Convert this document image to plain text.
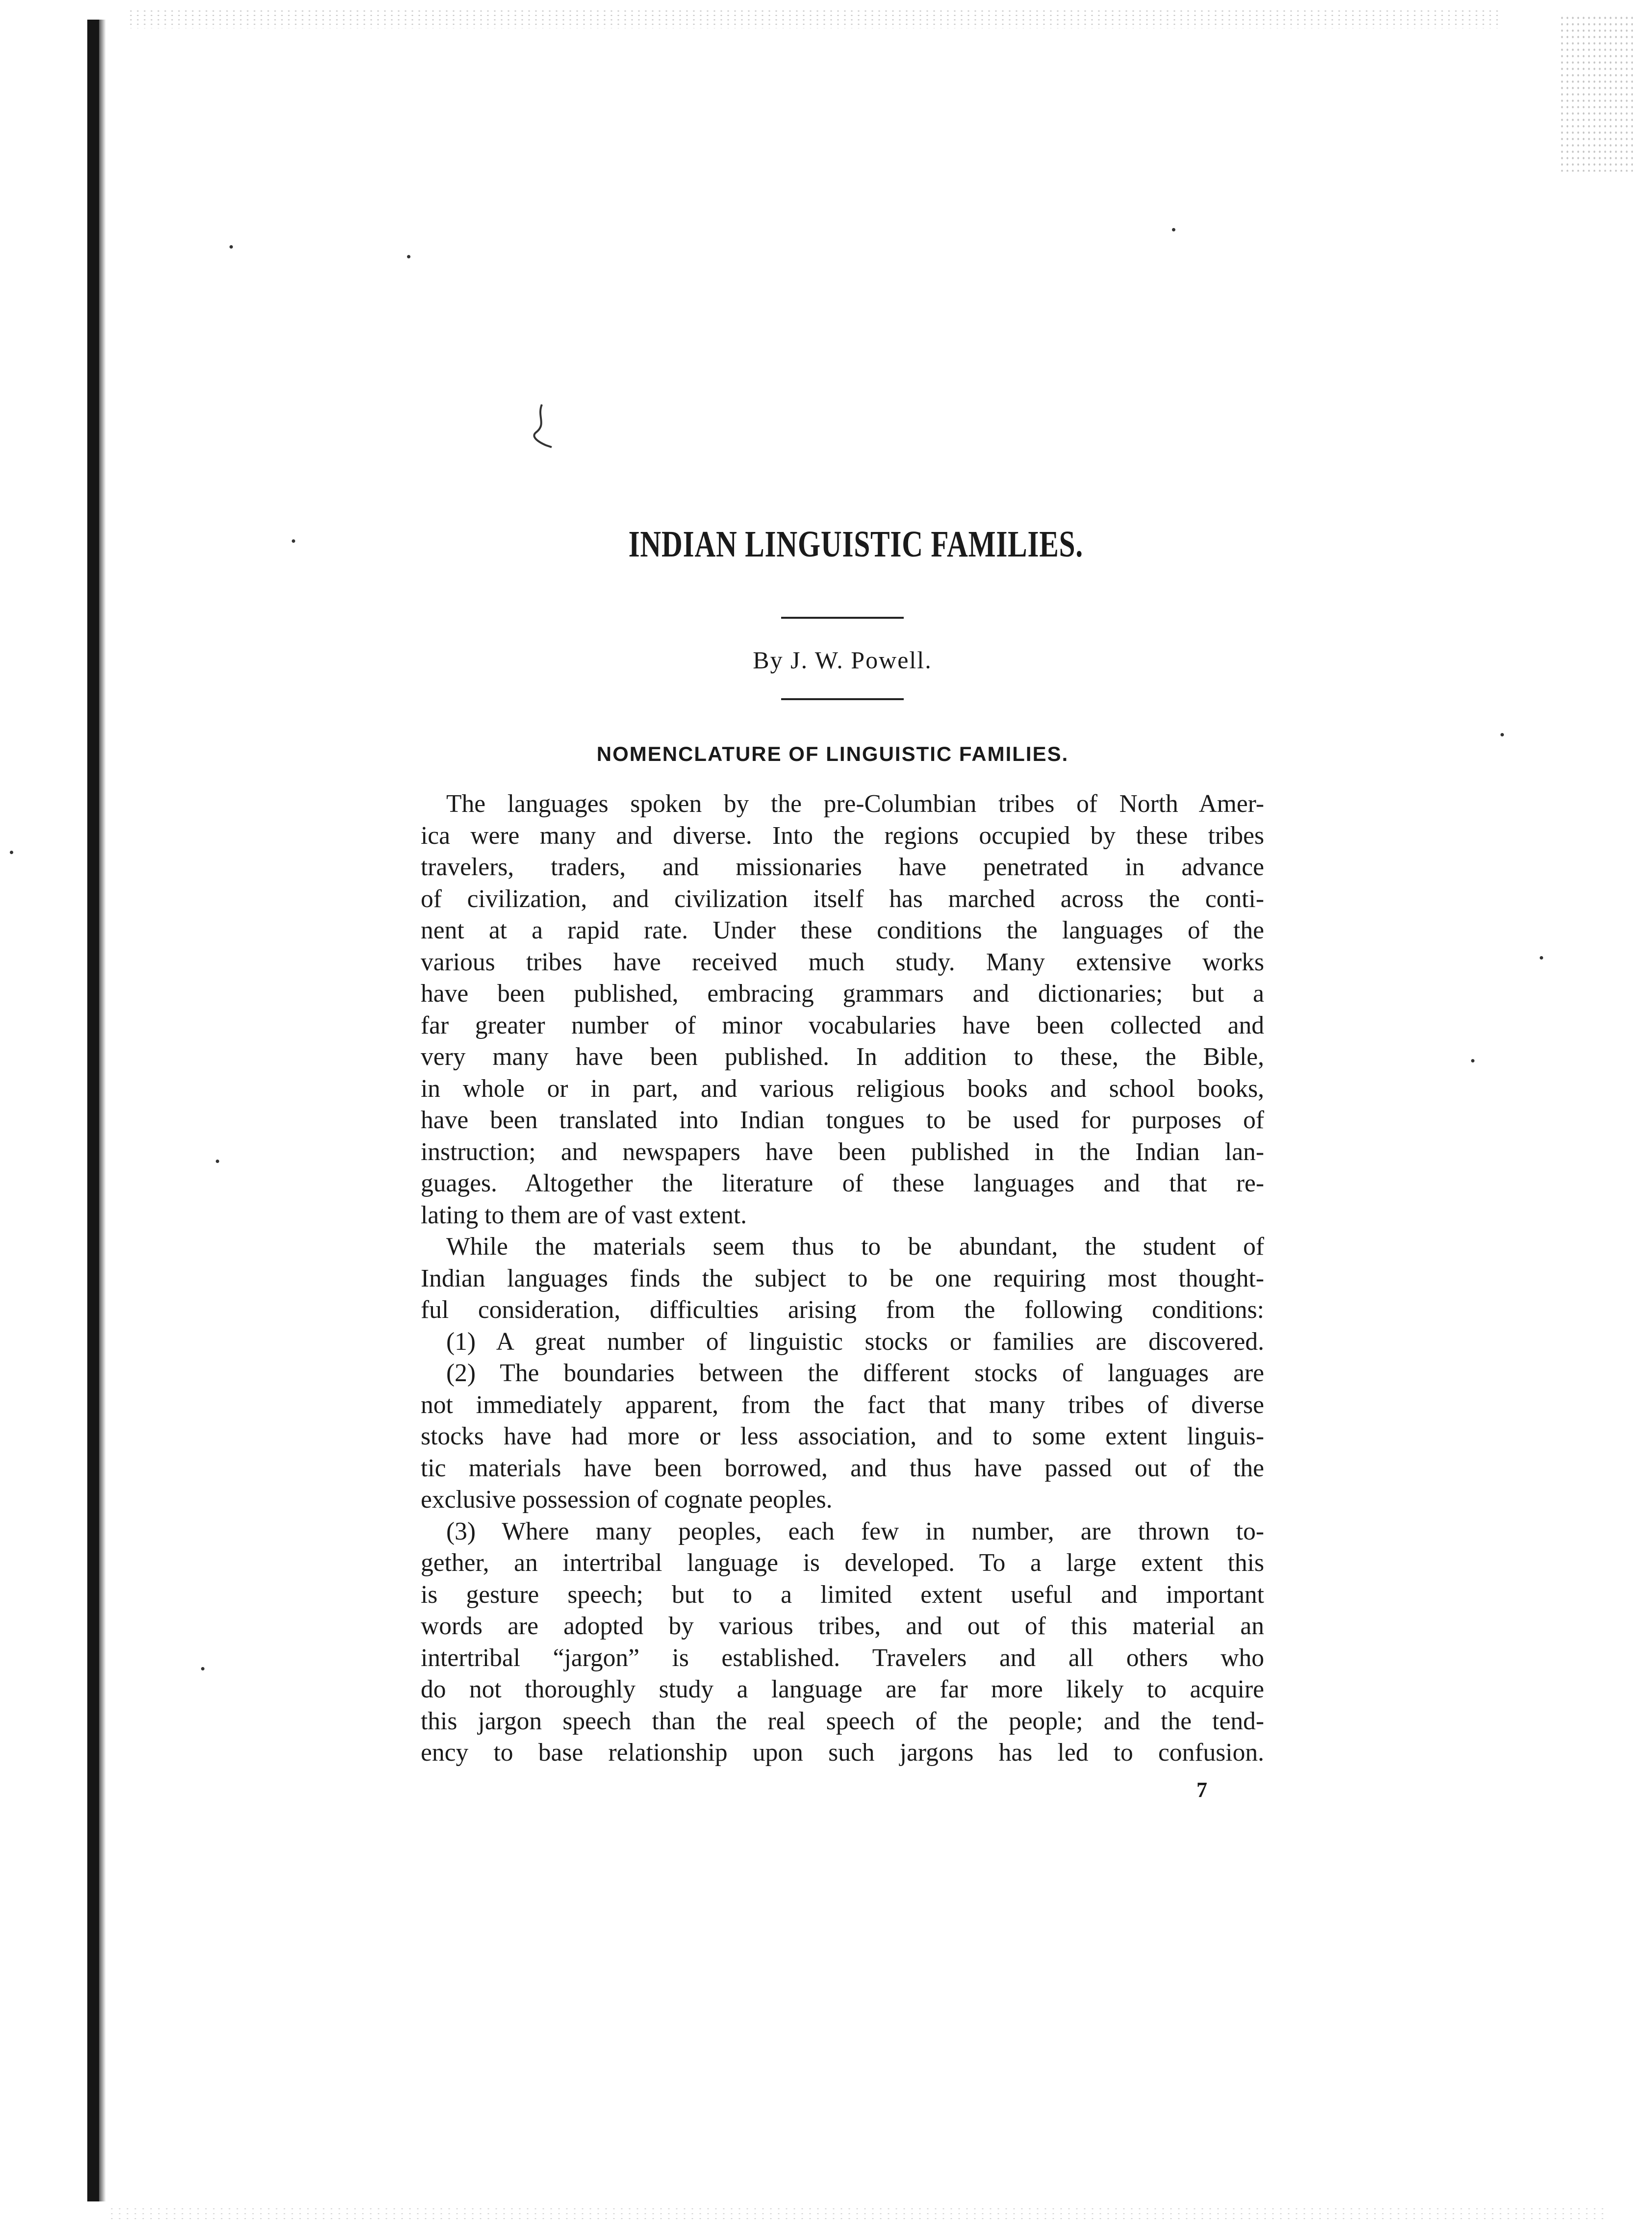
INDIAN LINGUISTIC FAMILIES.
By J. W. Powell.
NOMENCLATURE OF LINGUISTIC FAMILIES.
The languages spoken by the pre-Columbian tribes of North Amer-
ica were many and diverse. Into the regions occupied by these tribes
travelers, traders, and missionaries have penetrated in advance
of civilization, and civilization itself has marched across the conti-
nent at a rapid rate. Under these conditions the languages of the
various tribes have received much study. Many extensive works
have been published, embracing grammars and dictionaries; but a
far greater number of minor vocabularies have been collected and
very many have been published. In addition to these, the Bible,
in whole or in part, and various religious books and school books,
have been translated into Indian tongues to be used for purposes of
instruction; and newspapers have been published in the Indian lan-
guages. Altogether the literature of these languages and that re-
lating to them are of vast extent.
While the materials seem thus to be abundant, the student of
Indian languages finds the subject to be one requiring most thought-
ful consideration, difficulties arising from the following conditions:
(1) A great number of linguistic stocks or families are discovered.
(2) The boundaries between the different stocks of languages are
not immediately apparent, from the fact that many tribes of diverse
stocks have had more or less association, and to some extent linguis-
tic materials have been borrowed, and thus have passed out of the
exclusive possession of cognate peoples.
(3) Where many peoples, each few in number, are thrown to-
gether, an intertribal language is developed. To a large extent this
is gesture speech; but to a limited extent useful and important
words are adopted by various tribes, and out of this material an
intertribal “jargon” is established. Travelers and all others who
do not thoroughly study a language are far more likely to acquire
this jargon speech than the real speech of the people; and the tend-
ency to base relationship upon such jargons has led to confusion.
7
